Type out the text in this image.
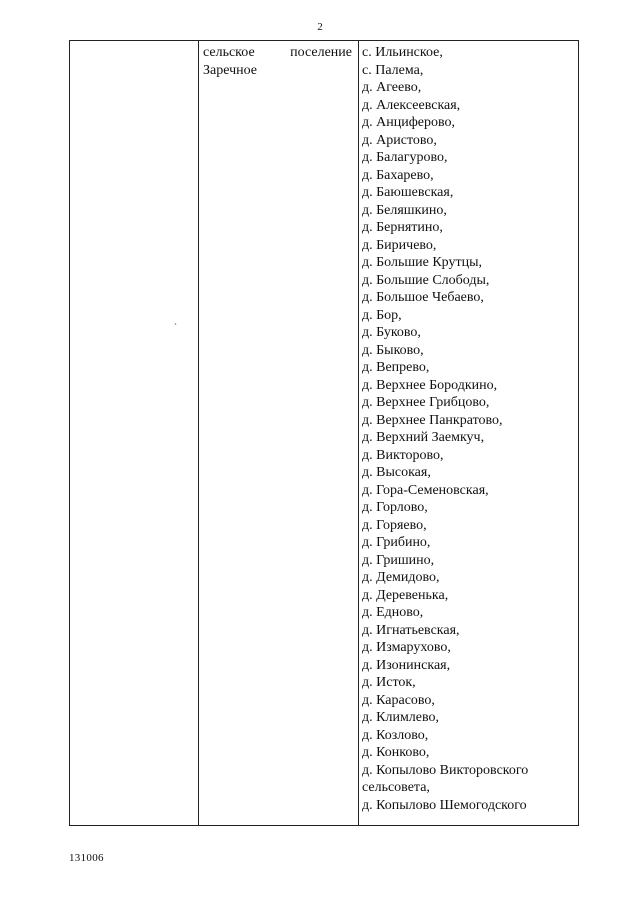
2

сельское поселение Заречное

с. Ильинское,
с. Палема,
д. Агеево,
д. Алексеевская,
д. Анциферово,
д. Аристово,
д. Балагурово,
д. Бахарево,
д. Баюшевская,
д. Беляшкино,
д. Бернятино,
д. Биричево,
д. Большие Крутцы,
д. Большие Слободы,
д. Большое Чебаево,
д. Бор,
д. Буково,
д. Быково,
д. Вепрево,
д. Верхнее Бородкино,
д. Верхнее Грибцово,
д. Верхнее Панкратово,
д. Верхний Заемкуч,
д. Викторово,
д. Высокая,
д. Гора-Семеновская,
д. Горлово,
д. Горяево,
д. Грибино,
д. Гришино,
д. Демидово,
д. Деревенька,
д. Едново,
д. Игнатьевская,
д. Измарухово,
д. Изонинская,
д. Исток,
д. Карасово,
д. Климлево,
д. Козлово,
д. Конково,
д. Копылово Викторовского сельсовета,
д. Копылово Шемогодского
`
131006
